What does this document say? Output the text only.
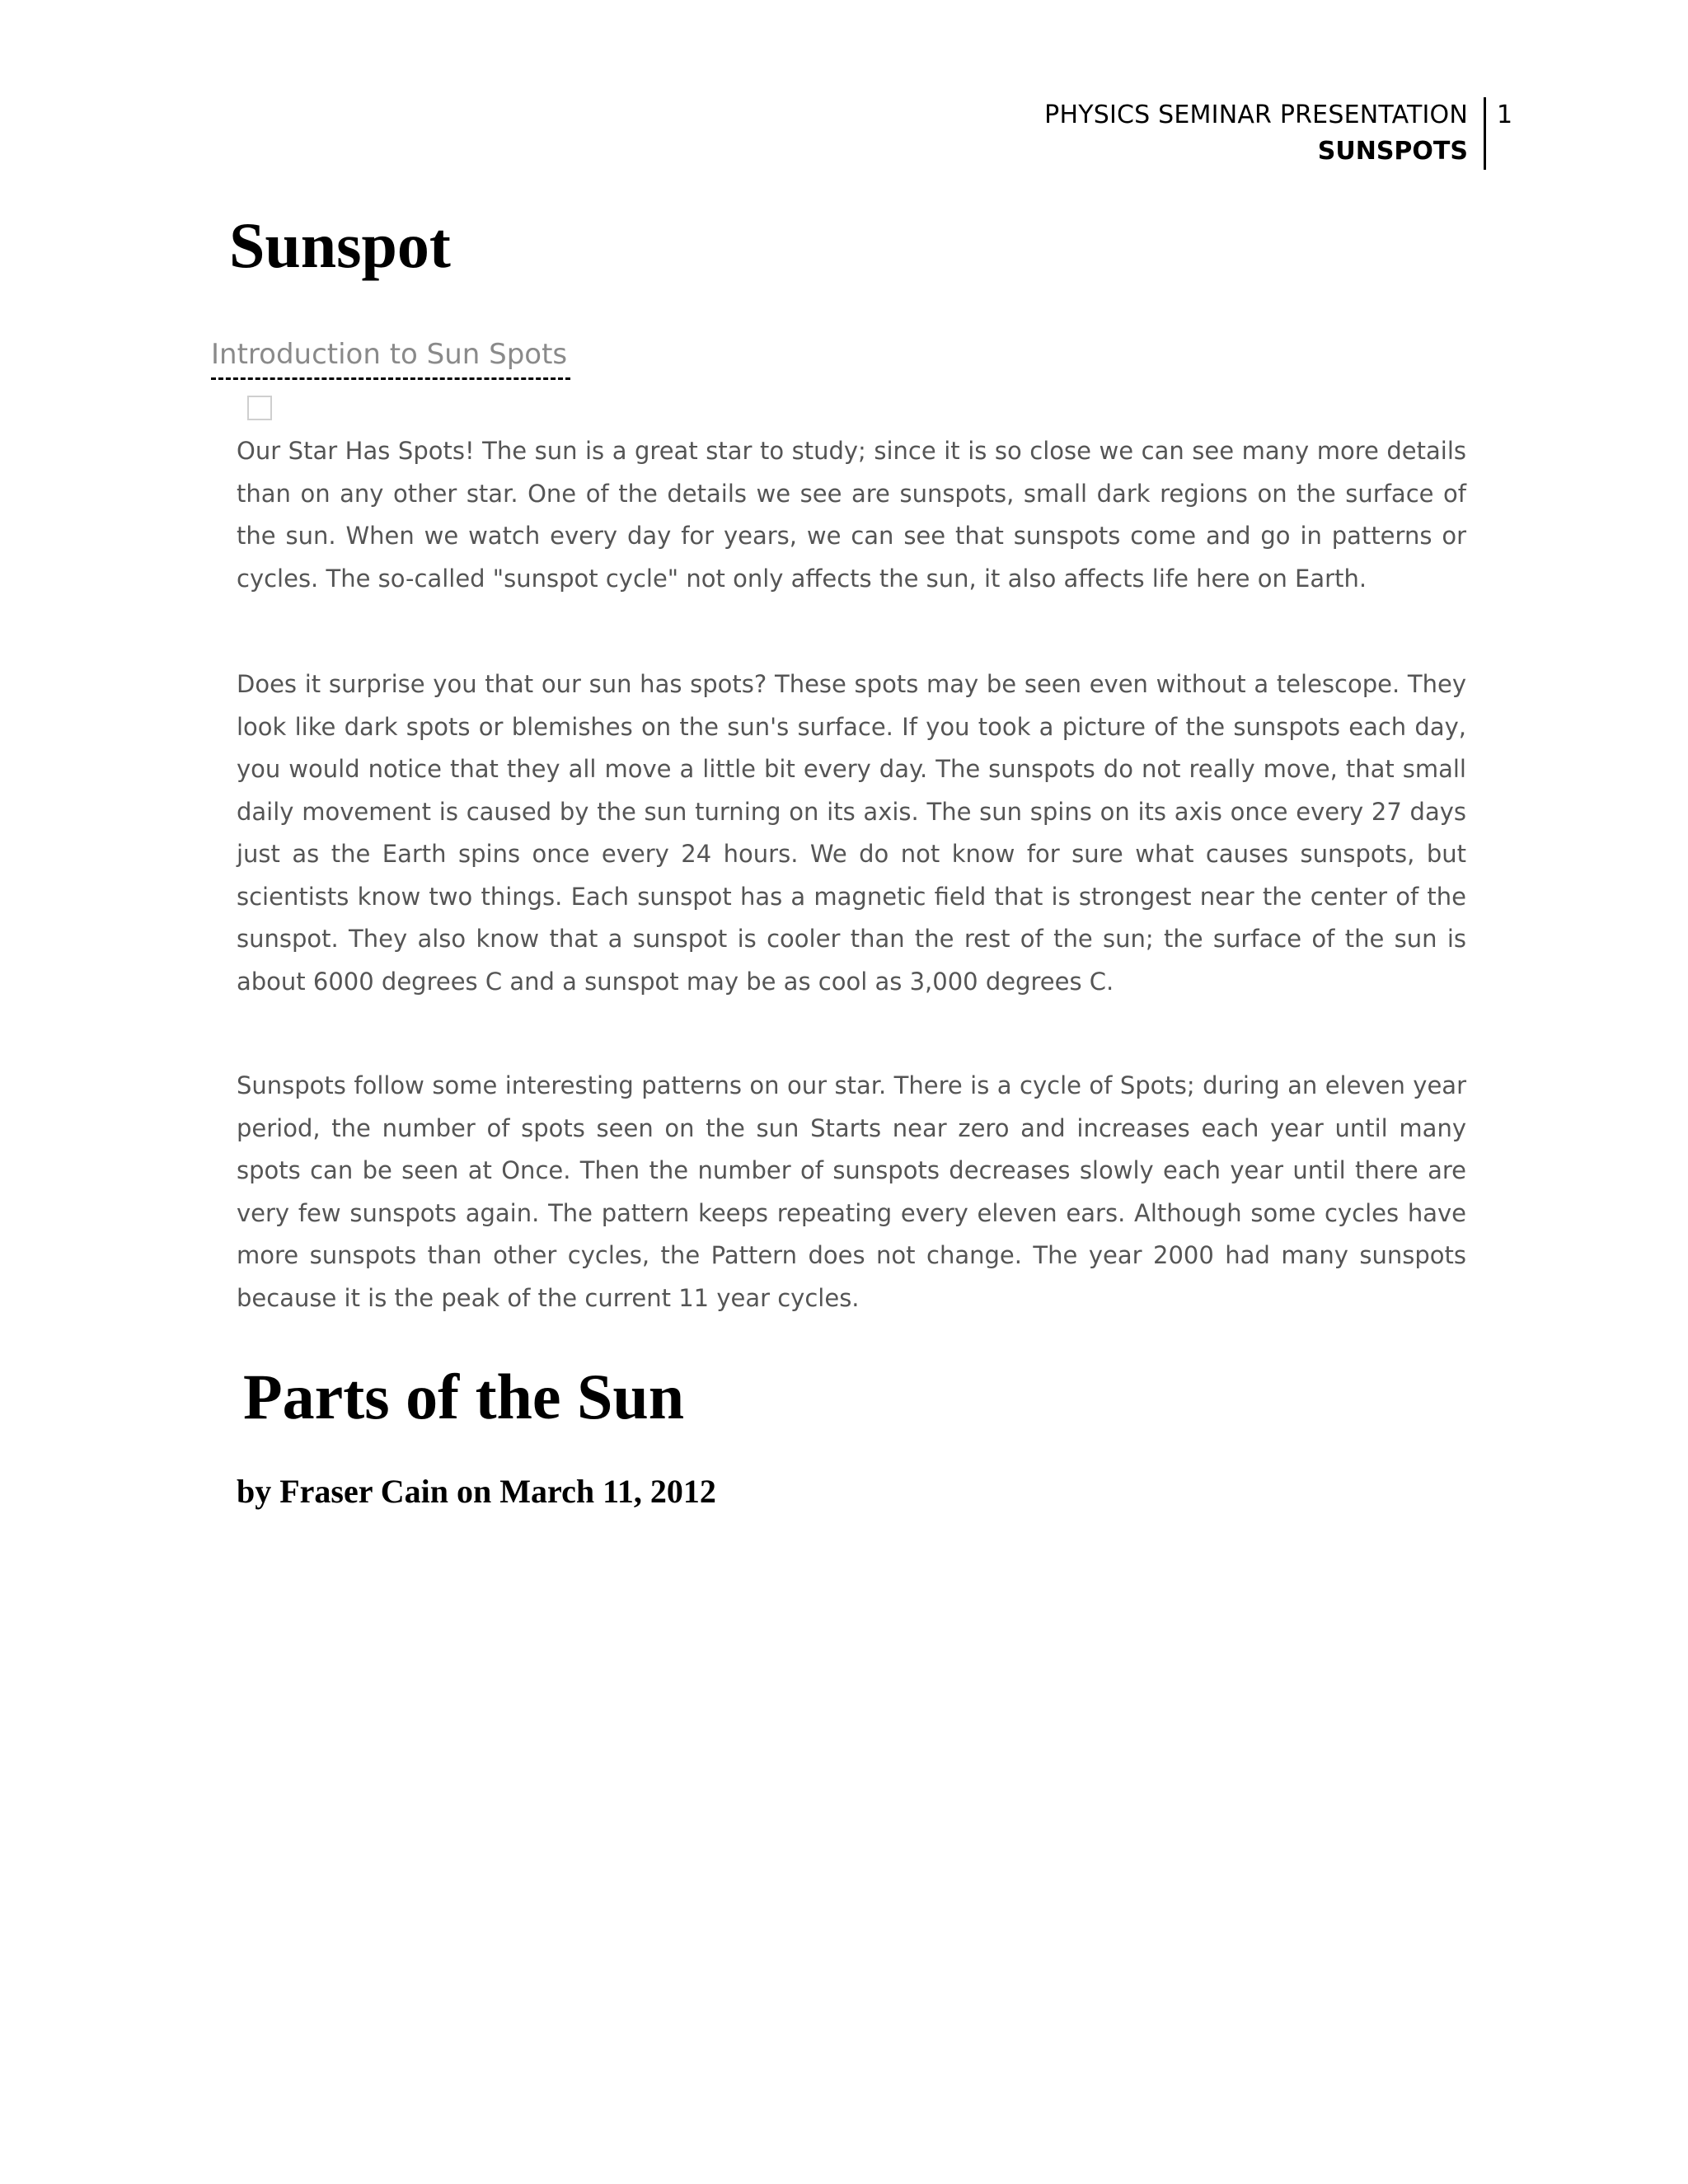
PHYSICS SEMINAR PRESENTATION
SUNSPOTS
1
Sunspot
Introduction to Sun Spots

Our Star Has Spots! The sun is a great star to study; since it is so close we can see many more details than on any other star. One of the details we see are sunspots, small dark regions on the surface of the sun. When we watch every day for years, we can see that sunspots come and go in patterns or cycles. The so-called "sunspot cycle" not only affects the sun, it also affects life here on Earth.

Does it surprise you that our sun has spots? These spots may be seen even without a telescope. They look like dark spots or blemishes on the sun's surface. If you took a picture of the sunspots each day, you would notice that they all move a little bit every day. The sunspots do not really move, that small daily movement is caused by the sun turning on its axis. The sun spins on its axis once every 27 days just as the Earth spins once every 24 hours. We do not know for sure what causes sunspots, but scientists know two things. Each sunspot has a magnetic field that is strongest near the center of the sunspot. They also know that a sunspot is cooler than the rest of the sun; the surface of the sun is about 6000 degrees C and a sunspot may be as cool as 3,000 degrees C.

Sunspots follow some interesting patterns on our star. There is a cycle of Spots; during an eleven year period, the number of spots seen on the sun Starts near zero and increases each year until many spots can be seen at Once. Then the number of sunspots decreases slowly each year until there are very few sunspots again. The pattern keeps repeating every eleven ears. Although some cycles have more sunspots than other cycles, the Pattern does not change. The year 2000 had many sunspots because it is the peak of the current 11 year cycles.

Parts of the Sun
by Fraser Cain on March 11, 2012
